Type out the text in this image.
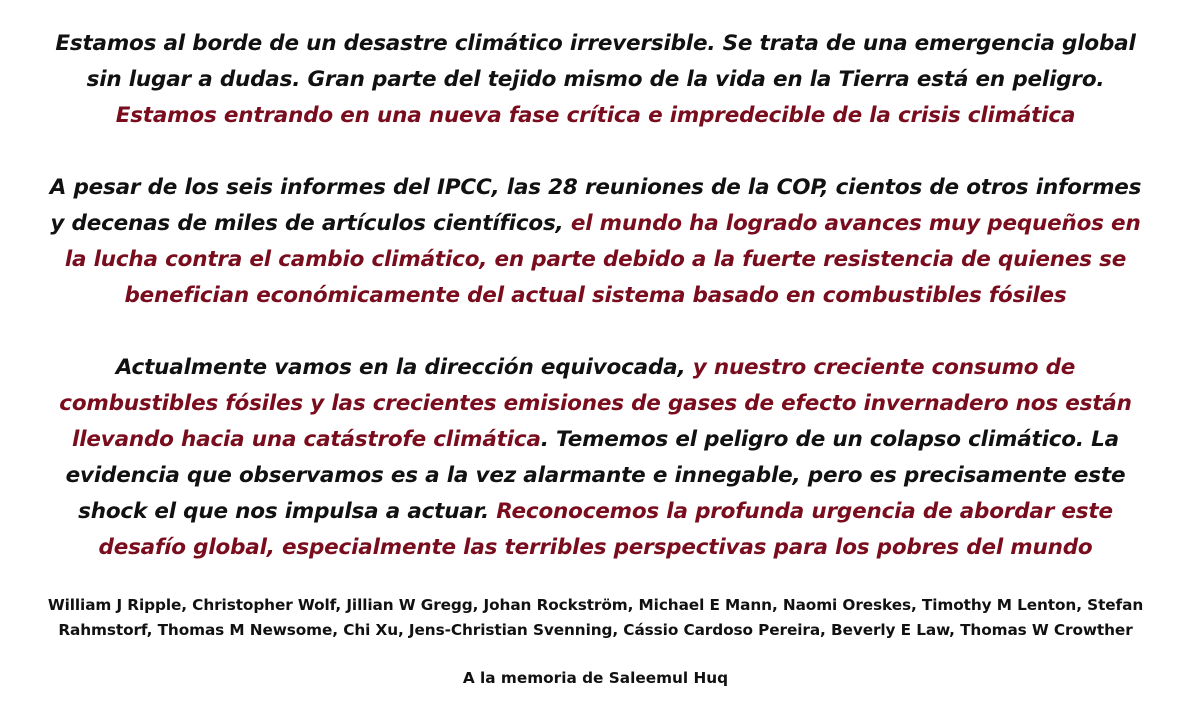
Estamos al borde de un desastre climático irreversible. Se trata de una emergencia global
sin lugar a dudas. Gran parte del tejido mismo de la vida en la Tierra está en peligro.
Estamos entrando en una nueva fase crítica e impredecible de la crisis climática
A pesar de los seis informes del IPCC, las 28 reuniones de la COP, cientos de otros informes
y decenas de miles de artículos científicos, el mundo ha logrado avances muy pequeños en
la lucha contra el cambio climático, en parte debido a la fuerte resistencia de quienes se
benefician económicamente del actual sistema basado en combustibles fósiles
Actualmente vamos en la dirección equivocada, y nuestro creciente consumo de
combustibles fósiles y las crecientes emisiones de gases de efecto invernadero nos están
llevando hacia una catástrofe climática. Tememos el peligro de un colapso climático. La
evidencia que observamos es a la vez alarmante e innegable, pero es precisamente este
shock el que nos impulsa a actuar. Reconocemos la profunda urgencia de abordar este
desafío global, especialmente las terribles perspectivas para los pobres del mundo
William J Ripple, Christopher Wolf, Jillian W Gregg, Johan Rockström, Michael E Mann, Naomi Oreskes, Timothy M Lenton, Stefan
Rahmstorf, Thomas M Newsome, Chi Xu, Jens-Christian Svenning, Cássio Cardoso Pereira, Beverly E Law, Thomas W Crowther
A la memoria de Saleemul Huq
